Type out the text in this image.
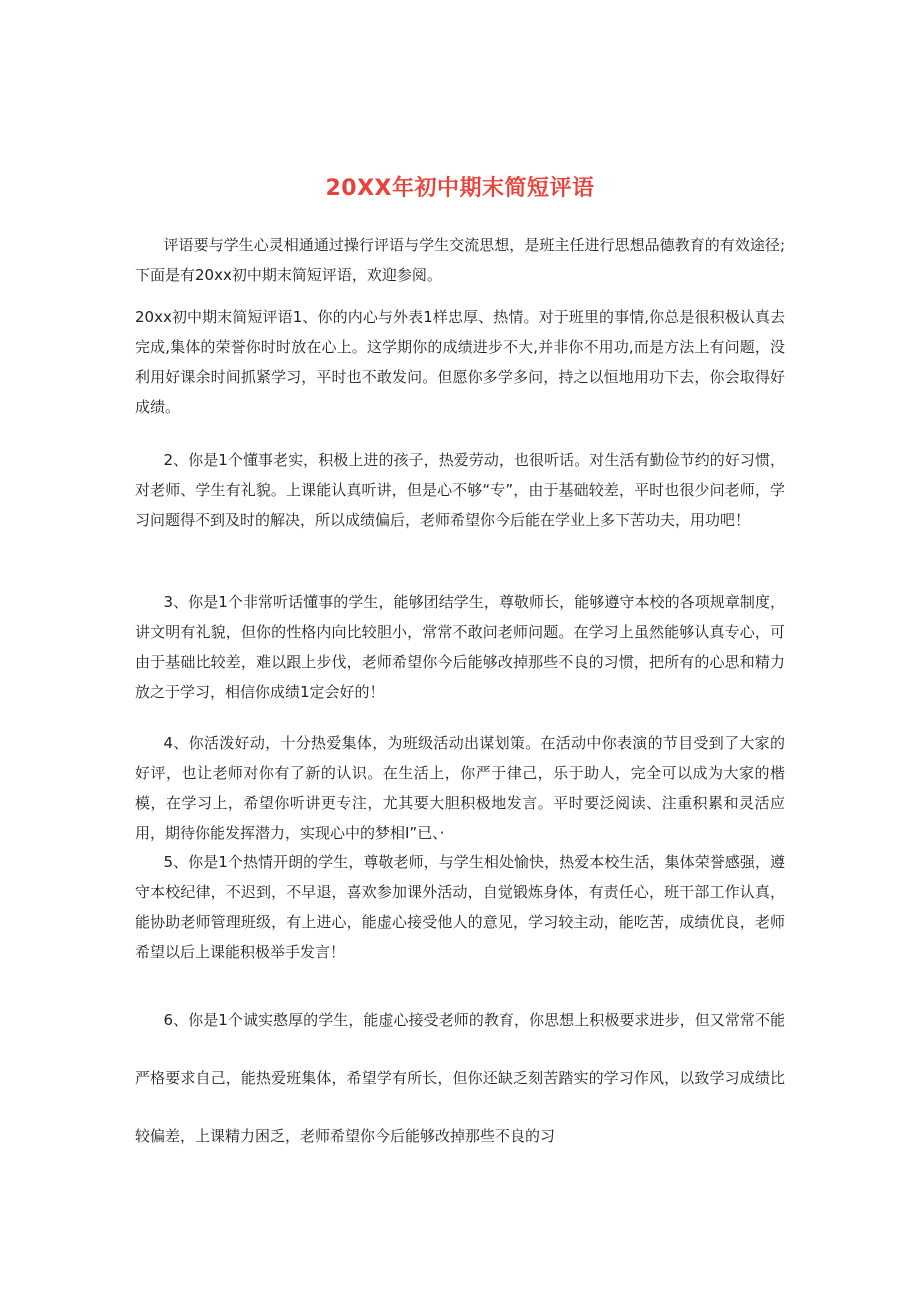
20XX年初中期末简短评语

评语要与学生心灵相通通过操行评语与学生交流思想，是班主任进行思想品德教育的有效途径;下面是有20xx初中期末简短评语，欢迎参阅。

20xx初中期末简短评语1、你的内心与外表1样忠厚、热情。对于班里的事情,你总是很积极认真去完成,集体的荣誉你时时放在心上。这学期你的成绩进步不大,并非你不用功,而是方法上有问题，没利用好课余时间抓紧学习，平时也不敢发问。但愿你多学多问，持之以恒地用功下去，你会取得好成绩。

2、你是1个懂事老实，积极上进的孩子，热爱劳动，也很听话。对生活有勤俭节约的好习惯，对老师、学生有礼貌。上课能认真听讲，但是心不够“专”，由于基础较差，平时也很少问老师，学习问题得不到及时的解决，所以成绩偏后，老师希望你今后能在学业上多下苦功夫，用功吧！

3、你是1个非常听话懂事的学生，能够团结学生，尊敬师长，能够遵守本校的各项规章制度，讲文明有礼貌，但你的性格内向比较胆小，常常不敢问老师问题。在学习上虽然能够认真专心，可由于基础比较差，难以跟上步伐，老师希望你今后能够改掉那些不良的习惯，把所有的心思和精力放之于学习，相信你成绩1定会好的！

4、你活泼好动，十分热爱集体，为班级活动出谋划策。在活动中你表演的节目受到了大家的好评，也让老师对你有了新的认识。在生活上，你严于律己，乐于助人，完全可以成为大家的楷模，在学习上，希望你听讲更专注，尤其要大胆积极地发言。平时要泛阅读、注重积累和灵活应用，期待你能发挥潜力，实现心中的梦相I”已、·

5、你是1个热情开朗的学生，尊敬老师，与学生相处愉快，热爱本校生活，集体荣誉感强，遵守本校纪律，不迟到，不早退，喜欢参加课外活动，自觉锻炼身体，有责任心，班干部工作认真，能协助老师管理班级，有上进心，能虚心接受他人的意见，学习较主动，能吃苦，成绩优良，老师希望以后上课能积极举手发言！

6、你是1个诚实憨厚的学生，能虚心接受老师的教育，你思想上积极要求进步，但又常常不能严格要求自己，能热爱班集体，希望学有所长，但你还缺乏刻苦踏实的学习作风，以致学习成绩比较偏差，上课精力困乏，老师希望你今后能够改掉那些不良的习
